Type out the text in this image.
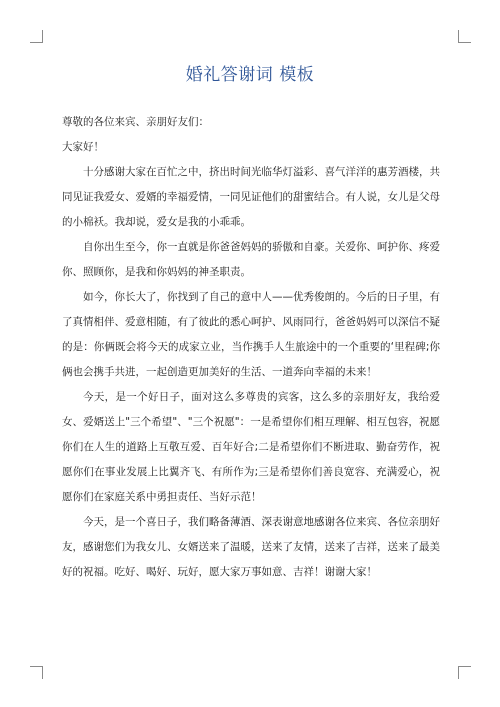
婚礼答谢词 模板

尊敬的各位来宾、亲朋好友们：

大家好！

十分感谢大家在百忙之中，挤出时间光临华灯溢彩、喜气洋洋的惠芳酒楼，共同见证我爱女、爱婿的幸福爱情，一同见证他们的甜蜜结合。有人说，女儿是父母的小棉袄。我却说，爱女是我的小乖乖。

自你出生至今，你一直就是你爸爸妈妈的骄傲和自豪。关爱你、呵护你、疼爱你、照顾你，是我和你妈妈的神圣职责。

如今，你长大了，你找到了自己的意中人——优秀俊朗的。今后的日子里，有了真情相伴、爱意相随，有了彼此的悉心呵护、风雨同行，爸爸妈妈可以深信不疑的是：你俩既会将今天的成家立业，当作携手人生旅途中的一个重要的‘里程碑;你俩也会携手共进，一起创造更加美好的生活、一道奔向幸福的未来！

今天，是一个好日子，面对这么多尊贵的宾客，这么多的亲朋好友，我给爱女、爱婿送上"三个希望"、"三个祝愿"：一是希望你们相互理解、相互包容，祝愿你们在人生的道路上互敬互爱、百年好合;二是希望你们不断进取、勤奋劳作，祝愿你们在事业发展上比翼齐飞、有所作为;三是希望你们善良宽容、充满爱心，祝愿你们在家庭关系中勇担责任、当好示范！

今天，是一个喜日子，我们略备薄酒、深表谢意地感谢各位来宾、各位亲朋好友，感谢您们为我女儿、女婿送来了温暖，送来了友情，送来了吉祥，送来了最美好的祝福。吃好、喝好、玩好，愿大家万事如意、吉祥！谢谢大家！
